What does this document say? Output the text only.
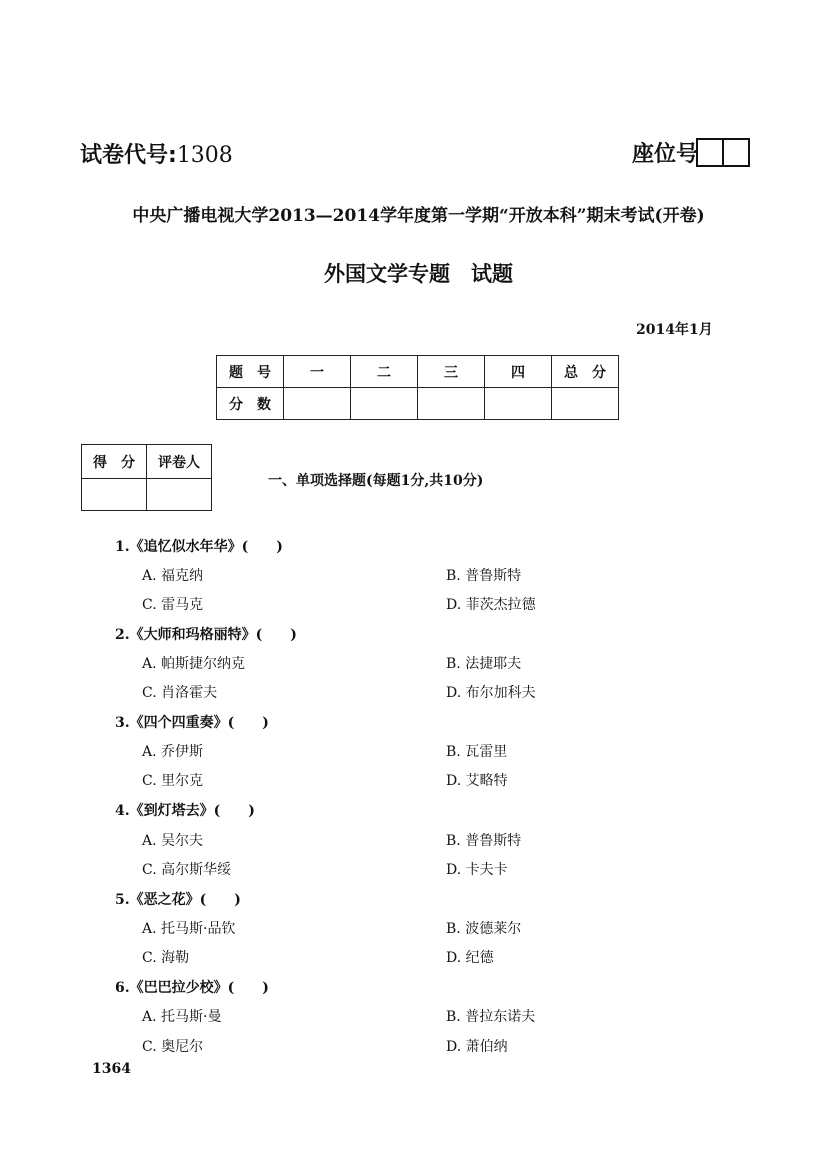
试卷代号:1308	座位号
中央广播电视大学2013—2014学年度第一学期“开放本科”期末考试(开卷)
外国文学专题　试题
2014年1月
题　号	一	二	三	四	总　分
分　数					
得　分	评卷人

一、单项选择题(每题1分,共10分)
1.《追忆似水年华》(　　)
A. 福克纳	B. 普鲁斯特
C. 雷马克	D. 菲茨杰拉德
2.《大师和玛格丽特》(　　)
A. 帕斯捷尔纳克	B. 法捷耶夫
C. 肖洛霍夫	D. 布尔加科夫
3.《四个四重奏》(　　)
A. 乔伊斯	B. 瓦雷里
C. 里尔克	D. 艾略特
4.《到灯塔去》(　　)
A. 吴尔夫	B. 普鲁斯特
C. 高尔斯华绥	D. 卡夫卡
5.《恶之花》(　　)
A. 托马斯·品钦	B. 波德莱尔
C. 海勒	D. 纪德
6.《巴巴拉少校》(　　)
A. 托马斯·曼	B. 普拉东诺夫
C. 奥尼尔	D. 萧伯纳
1364
